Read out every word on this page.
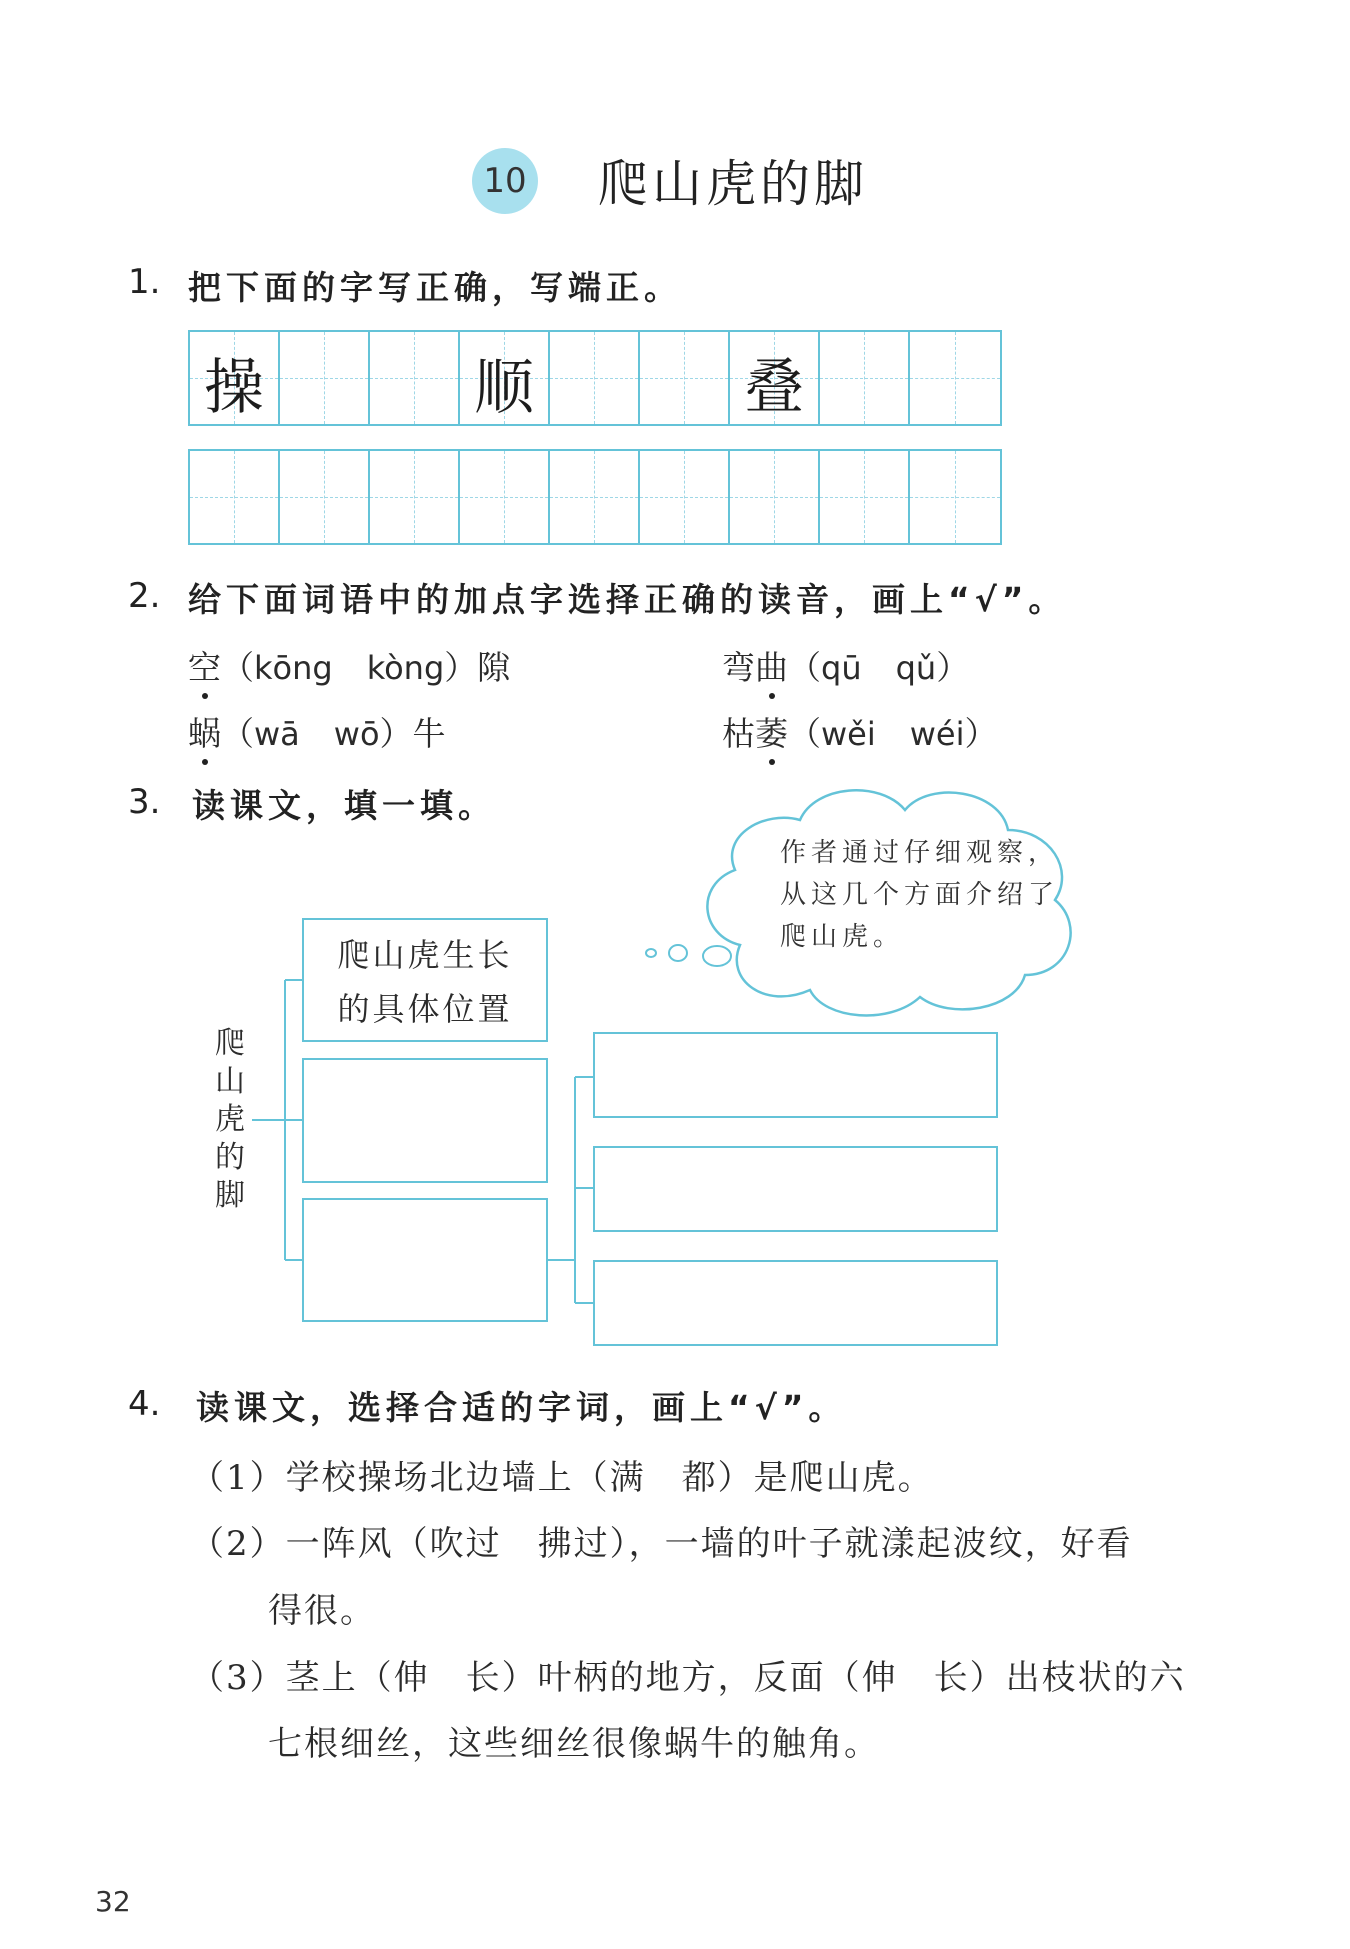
10 爬山虎的脚
1. 把下面的字写正确，写端正。
操	顺	叠
2. 给下面词语中的加点字选择正确的读音，画上“√”。
空（kōng kòng）隙	弯曲（qū qǔ）
蜗（wā wō）牛	枯萎（wěi wéi）
3. 读课文，填一填。
作者通过仔细观察，从这几个方面介绍了爬山虎。
爬山虎的脚
爬山虎生长
的具体位置
4. 读课文，选择合适的字词，画上“√”。
（1）学校操场北边墙上（满　都）是爬山虎。
（2）一阵风（吹过　拂过），一墙的叶子就漾起波纹，好看
得很。
（3）茎上（伸　长）叶柄的地方，反面（伸　长）出枝状的六
七根细丝，这些细丝很像蜗牛的触角。
32
